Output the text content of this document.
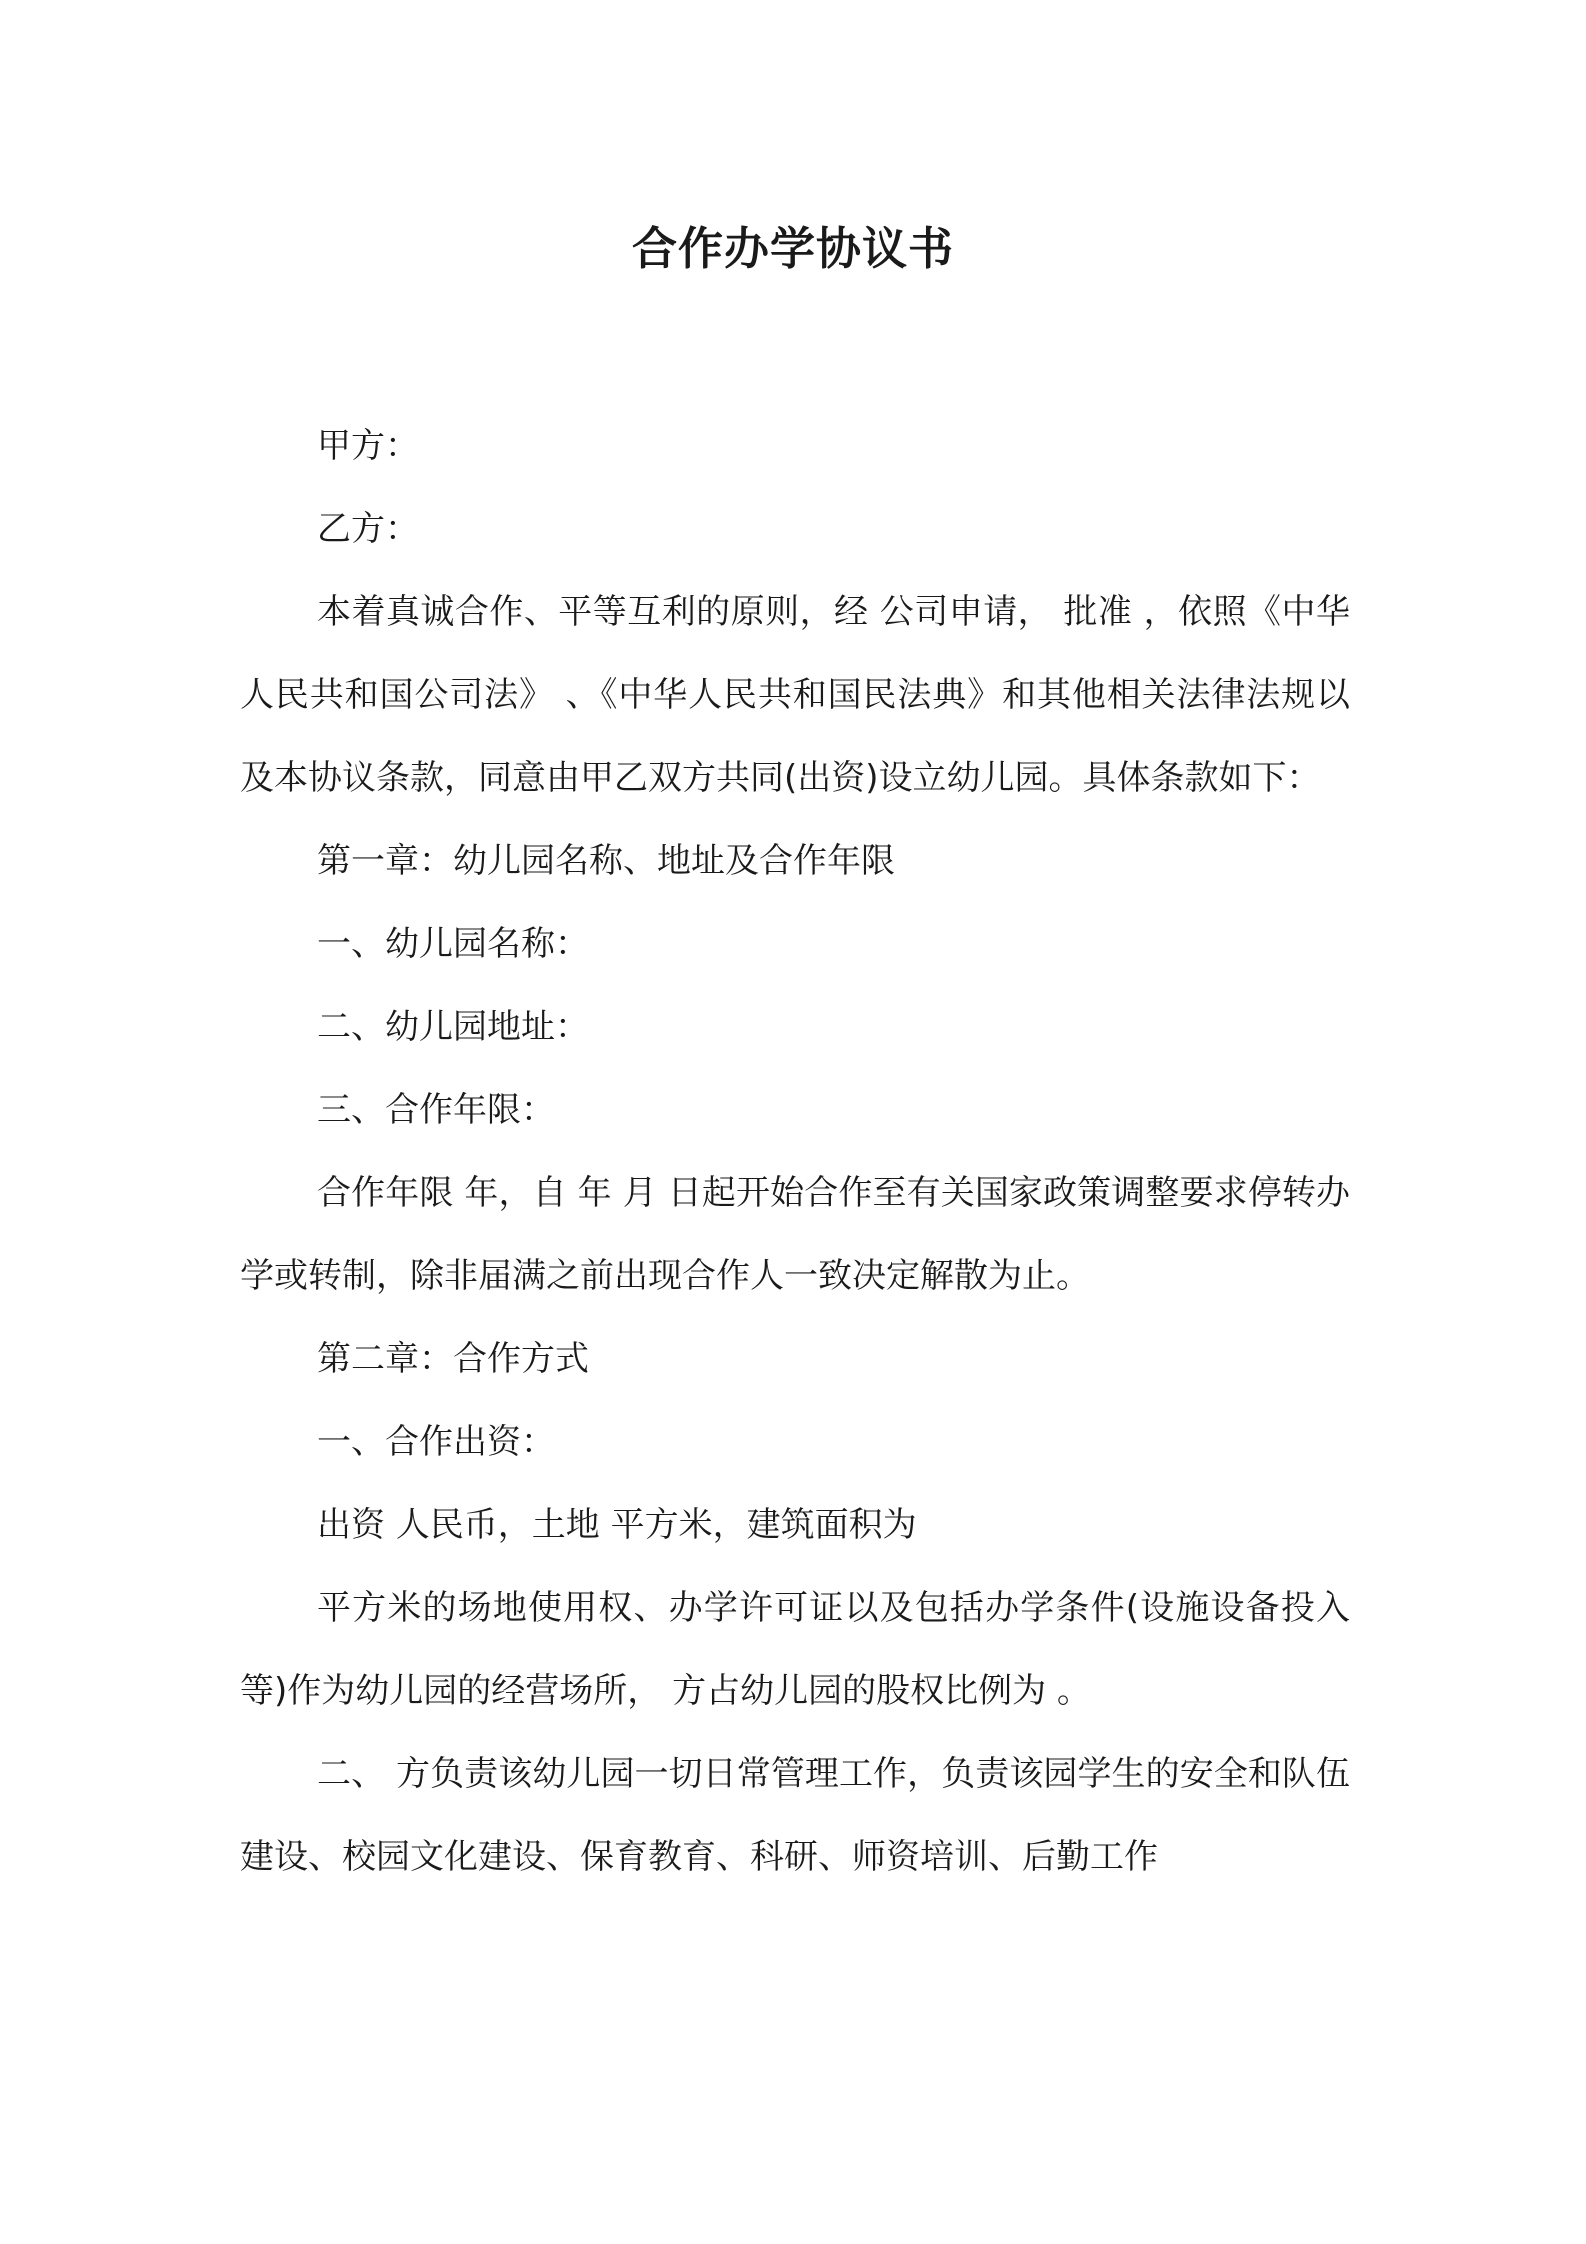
合作办学协议书

甲方：

乙方：

本着真诚合作、平等互利的原则，经 公司申请， 批准 ，依照《中华人民共和国公司法》 、《中华人民共和国民法典》和其他相关法律法规以及本协议条款，同意由甲乙双方共同(出资)设立幼儿园。具体条款如下：

第一章：幼儿园名称、地址及合作年限

一、幼儿园名称：

二、幼儿园地址：

三、合作年限：

合作年限 年，自 年 月 日起开始合作至有关国家政策调整要求停转办学或转制，除非届满之前出现合作人一致决定解散为止。

第二章：合作方式

一、合作出资：

出资 人民币，土地 平方米，建筑面积为

平方米的场地使用权、办学许可证以及包括办学条件(设施设备投入等)作为幼儿园的经营场所， 方占幼儿园的股权比例为 。

二、 方负责该幼儿园一切日常管理工作，负责该园学生的安全和队伍建设、校园文化建设、保育教育、科研、师资培训、后勤工作
